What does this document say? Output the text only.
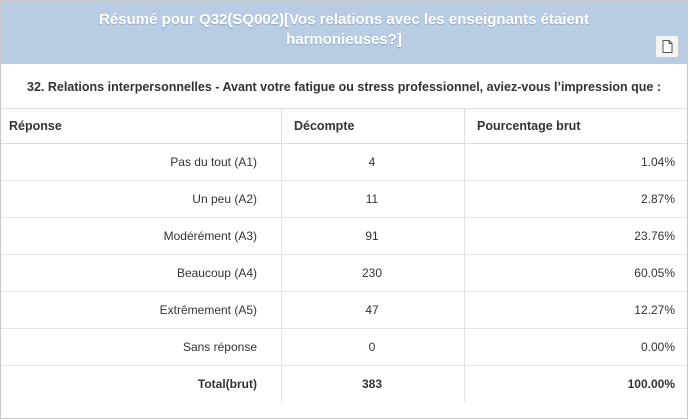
Résumé pour Q32(SQ002)[Vos relations avec les enseignants étaient harmonieuses?]
32. Relations interpersonnelles - Avant votre fatigue ou stress professionnel, aviez-vous l’impression que :
Réponse	Décompte	Pourcentage brut
Pas du tout (A1)	4	1.04%
Un peu (A2)	11	2.87%
Modérément (A3)	91	23.76%
Beaucoup (A4)	230	60.05%
Extrêmement (A5)	47	12.27%
Sans réponse	0	0.00%
Total(brut)	383	100.00%
